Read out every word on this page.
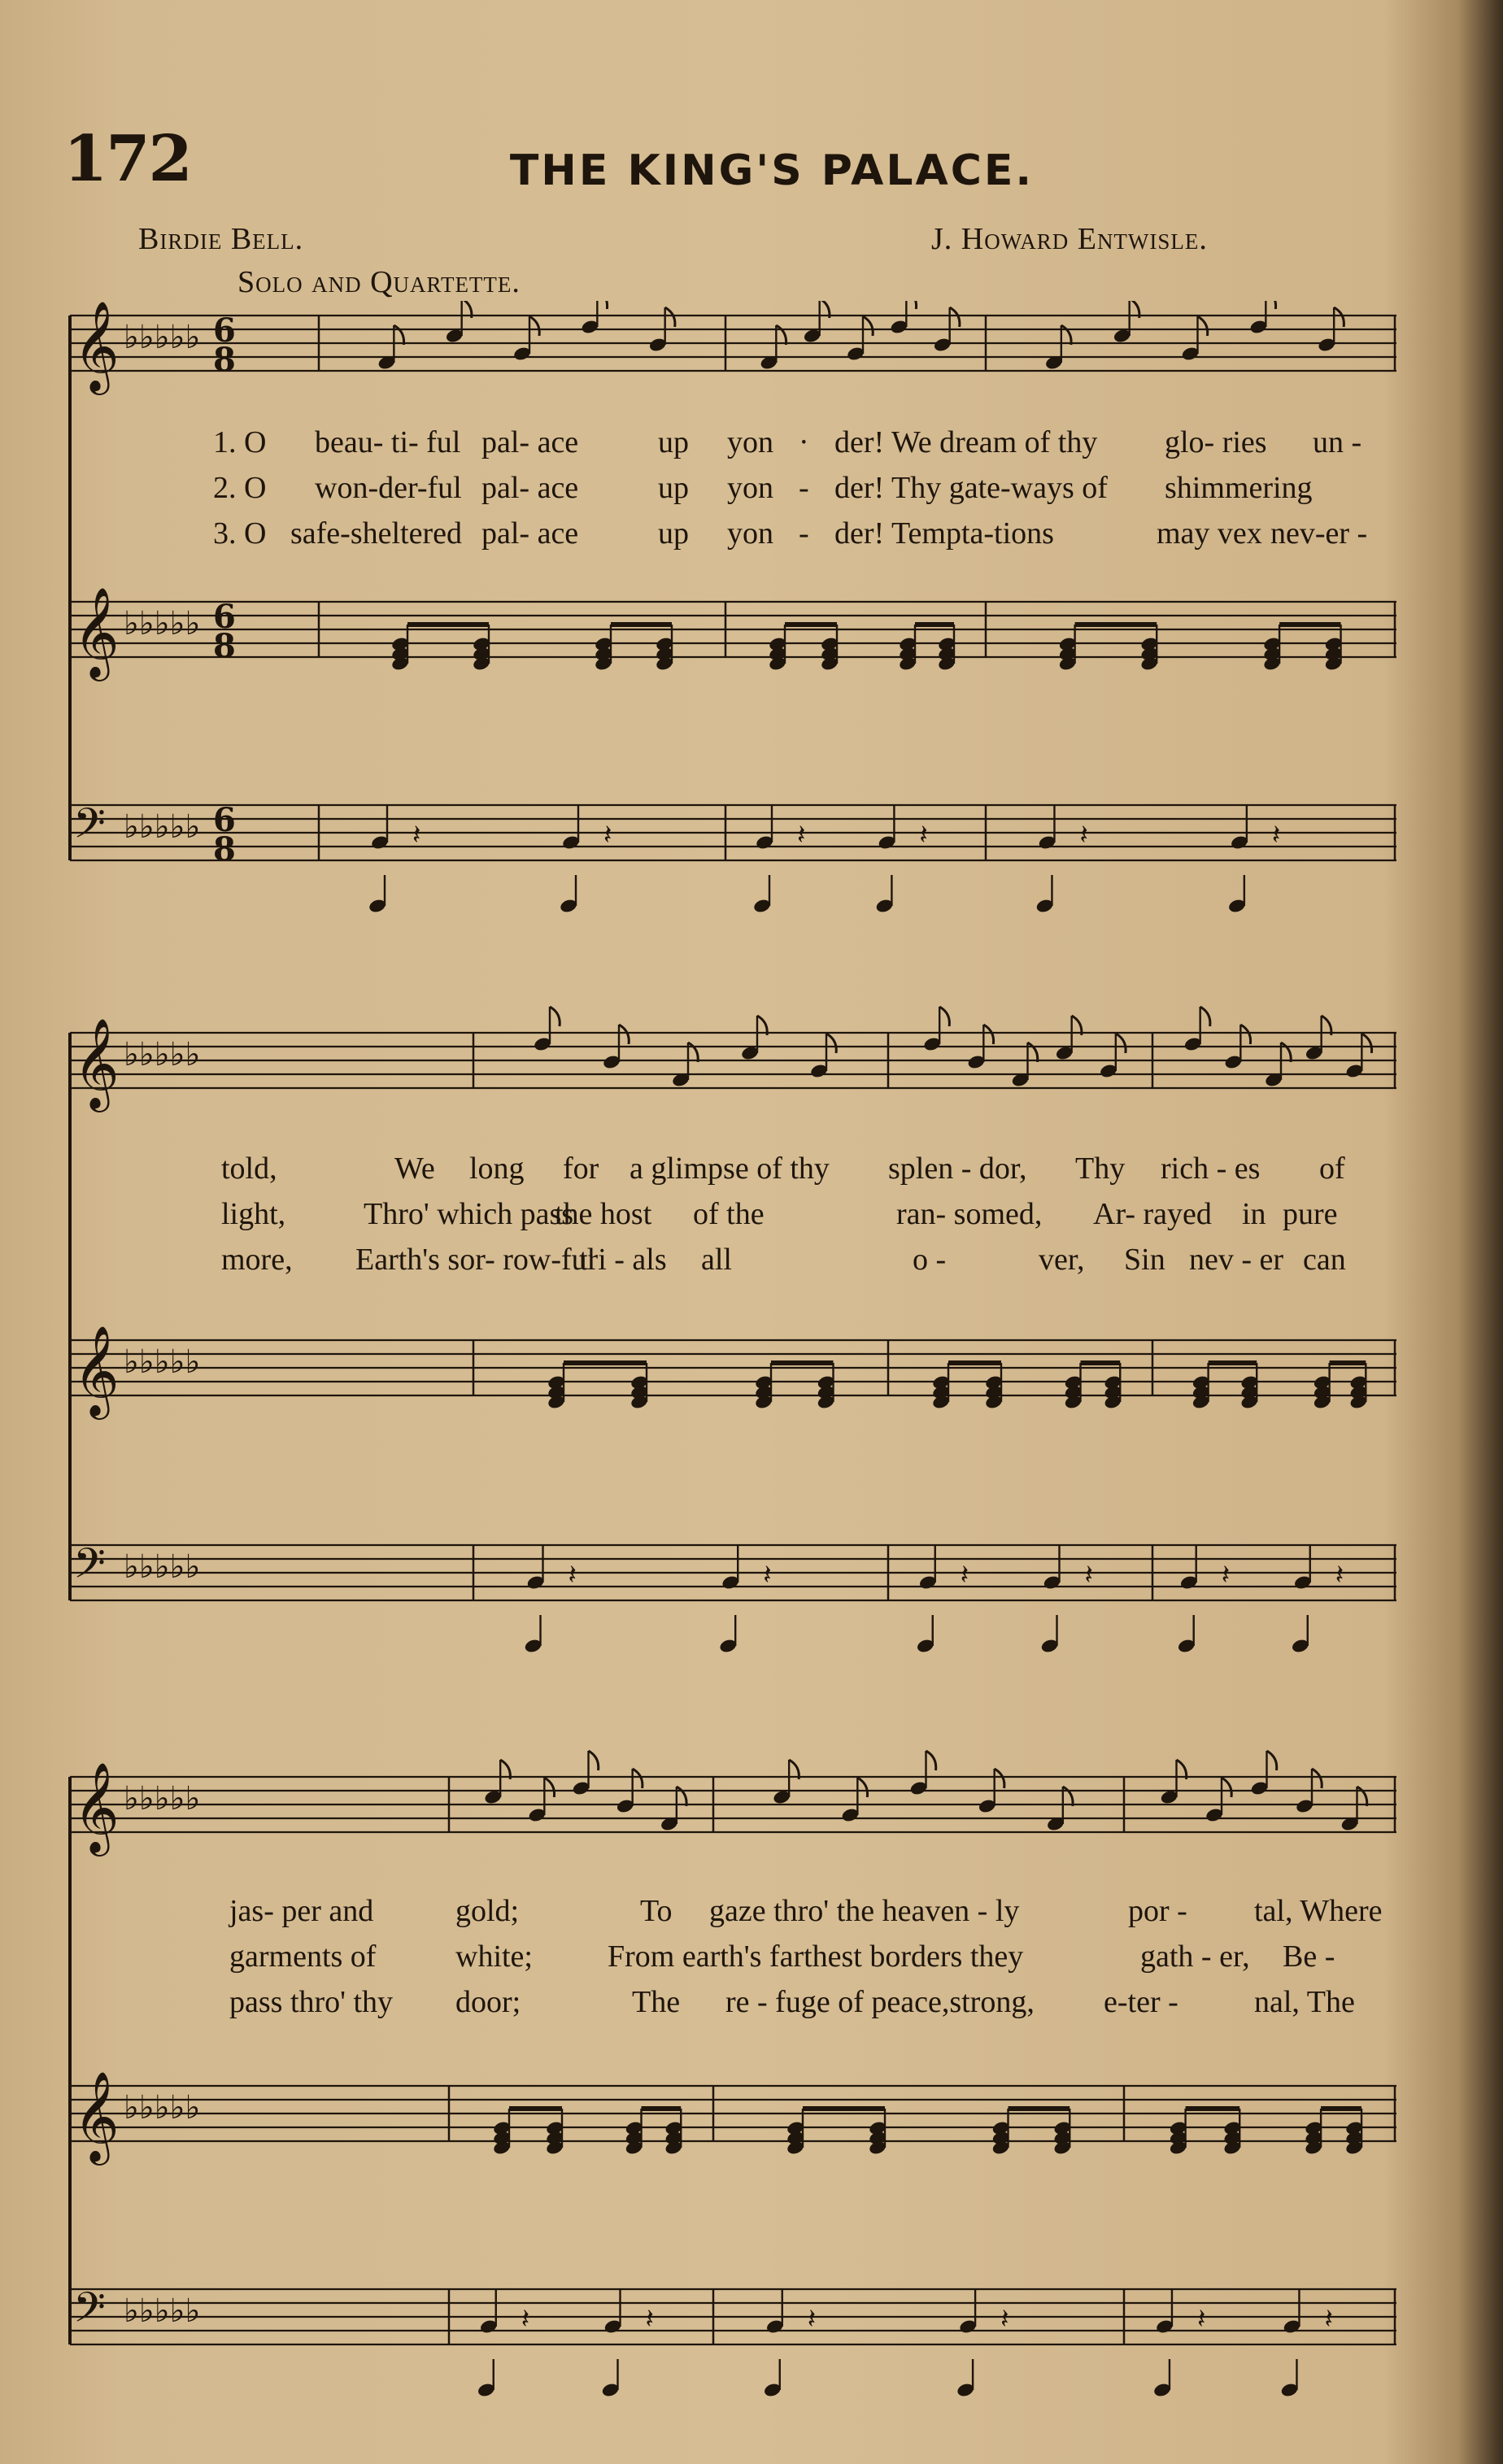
172	THE KING'S PALACE.
Birdie Bell.	J. Howard Entwisle.
Solo and Quartette.
𝄞 ♭♭♭♭♭ 6
8
𝄞 ♭♭♭♭♭ 6
8
𝄢 ♭♭♭♭♭ 6
8	𝄽	𝄽	𝄽	𝄽	𝄽	𝄽
1. O beau- ti- ful pal- ace	up yon · der! We dream of thy glo- ries un -
2. O won-der-ful pal- ace	up yon - der! Thy gate-ways of shimmering
3. O safe-sheltered pal- ace	up yon - der! Tempta-tions	may vex nev-er -
𝄞 ♭♭♭♭♭
𝄞 ♭♭♭♭♭
𝄢 ♭♭♭♭♭	𝄽	𝄽	𝄽	𝄽	𝄽	𝄽
told,	We long for a glimpse of thy splen - dor, Thy rich - es of
light,	Thro' which pass
the host of the	ran- somed, Ar- rayed in pure
more, Earth's sor- row-ful
tri - als all	o -	ver, Sin nev - er can
𝄞 ♭♭♭♭♭
𝄞 ♭♭♭♭♭
𝄢 ♭♭♭♭♭	𝄽	𝄽	𝄽	𝄽	𝄽	𝄽
jas- per and	gold;	To gaze thro' the heaven - ly	por - tal, Where
garments of	white; From earth's farthest borders they	gath - er, Be -
pass thro' thy door;	The re - fuge of peace,strong, e-ter - nal, The
